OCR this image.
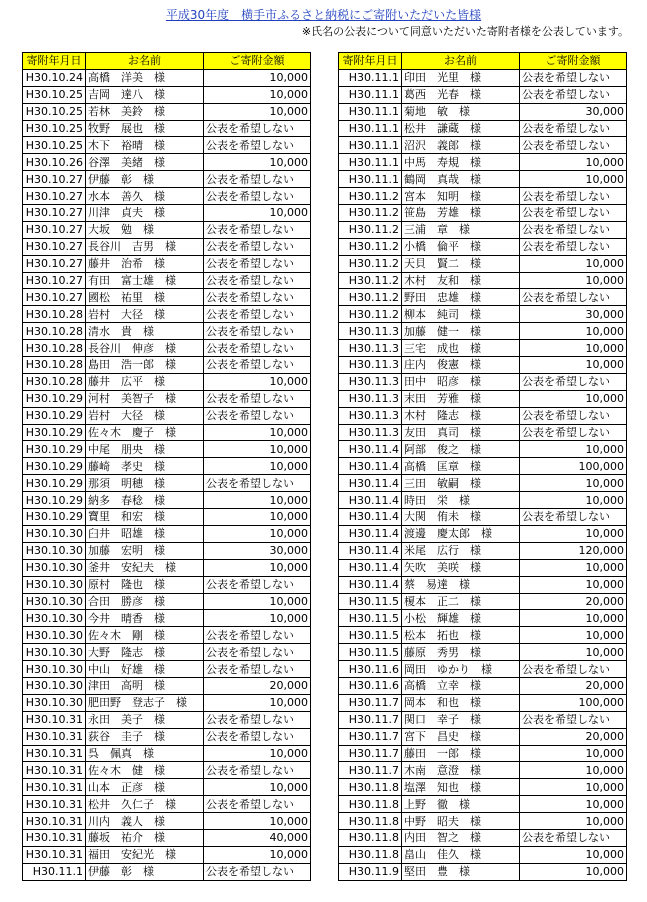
平成30年度　横手市ふるさと納税にご寄附いただいた皆様
※氏名の公表について同意いただいた寄附者様を公表しています。
寄附年月日	お名前	ご寄附金額
H30.10.24	高橋　洋美　様	10,000
H30.10.25	吉岡　達八　様	10,000
H30.10.25	若林　美鈴　様	10,000
H30.10.25	牧野　展也　様	公表を希望しない
H30.10.25	木下　裕晴　様	公表を希望しない
H30.10.26	谷澤　美緒　様	10,000
H30.10.27	伊藤　彰　様	公表を希望しない
H30.10.27	水本　善久　様	公表を希望しない
H30.10.27	川津　貞夫　様	10,000
H30.10.27	大坂　勉　様	公表を希望しない
H30.10.27	長谷川　吉男　様	公表を希望しない
H30.10.27	藤井　治希　様	公表を希望しない
H30.10.27	有田　富士雄　様	公表を希望しない
H30.10.27	國松　祐里　様	公表を希望しない
H30.10.28	岩村　大径　様	公表を希望しない
H30.10.28	清水　貴　様	公表を希望しない
H30.10.28	長谷川　伸彦　様	公表を希望しない
H30.10.28	島田　浩一郎　様	公表を希望しない
H30.10.28	藤井　広平　様	10,000
H30.10.29	河村　美智子　様	公表を希望しない
H30.10.29	岩村　大径　様	公表を希望しない
H30.10.29	佐々木　慶子　様	10,000
H30.10.29	中尾　朋央　様	10,000
H30.10.29	藤崎　孝史　様	10,000
H30.10.29	那須　明穂　様	公表を希望しない
H30.10.29	納多　春稔　様	10,000
H30.10.29	寶里　和宏　様	10,000
H30.10.30	臼井　昭雄　様	10,000
H30.10.30	加藤　宏明　様	30,000
H30.10.30	釜井　安紀夫　様	10,000
H30.10.30	原村　隆也　様	公表を希望しない
H30.10.30	合田　勝彦　様	10,000
H30.10.30	今井　晴香　様	10,000
H30.10.30	佐々木　剛　様	公表を希望しない
H30.10.30	大野　隆志　様	公表を希望しない
H30.10.30	中山　好雄　様	公表を希望しない
H30.10.30	津田　高明　様	20,000
H30.10.30	肥田野　登志子　様	10,000
H30.10.31	永田　美子　様	公表を希望しない
H30.10.31	荻谷　圭子　様	公表を希望しない
H30.10.31	呉　佩真　様	10,000
H30.10.31	佐々木　健　様	公表を希望しない
H30.10.31	山本　正彦　様	10,000
H30.10.31	松井　久仁子　様	公表を希望しない
H30.10.31	川内　義人　様	10,000
H30.10.31	藤坂　祐介　様	40,000
H30.10.31	福田　安紀光　様	10,000
H30.11.1	伊藤　彰　様	公表を希望しない
寄附年月日	お名前	ご寄附金額
H30.11.1	印田　光里　様	公表を希望しない
H30.11.1	葛西　光春　様	公表を希望しない
H30.11.1	菊地　敏　様	30,000
H30.11.1	松井　謙蔵　様	公表を希望しない
H30.11.1	沼沢　義郎　様	公表を希望しない
H30.11.1	中馬　寿規　様	10,000
H30.11.1	鶴岡　真哉　様	10,000
H30.11.2	宮本　知明　様	公表を希望しない
H30.11.2	笹島　芳雄　様	公表を希望しない
H30.11.2	三浦　章　様	公表を希望しない
H30.11.2	小橋　倫平　様	公表を希望しない
H30.11.2	天貝　賢二　様	10,000
H30.11.2	木村　友和　様	10,000
H30.11.2	野田　忠雄　様	公表を希望しない
H30.11.2	柳本　純司　様	30,000
H30.11.3	加藤　健一　様	10,000
H30.11.3	三宅　成也　様	10,000
H30.11.3	庄内　俊憲　様	10,000
H30.11.3	田中　昭彦　様	公表を希望しない
H30.11.3	末田　芳雅　様	10,000
H30.11.3	木村　隆志　様	公表を希望しない
H30.11.3	友田　真司　様	公表を希望しない
H30.11.4	阿部　俊之　様	10,000
H30.11.4	高橋　匡章　様	100,000
H30.11.4	三田　敏嗣　様	10,000
H30.11.4	時田　栄　様	10,000
H30.11.4	大関　侑未　様	公表を希望しない
H30.11.4	渡邊　慶太郎　様	10,000
H30.11.4	米尾　広行　様	120,000
H30.11.4	矢吹　美咲　様	10,000
H30.11.4	蔡　易達　様	10,000
H30.11.5	榎本　正二　様	20,000
H30.11.5	小松　輝雄　様	10,000
H30.11.5	松本　拓也　様	10,000
H30.11.5	藤原　秀男　様	10,000
H30.11.6	岡田　ゆかり　様	公表を希望しない
H30.11.6	高橋　立幸　様	20,000
H30.11.7	岡本　和也　様	100,000
H30.11.7	関口　幸子　様	公表を希望しない
H30.11.7	宮下　昌史　様	20,000
H30.11.7	藤田　一郎　様	10,000
H30.11.7	木南　意澄　様	10,000
H30.11.8	塩澤　知也　様	10,000
H30.11.8	上野　徹　様	10,000
H30.11.8	中野　昭夫　様	10,000
H30.11.8	内田　智之　様	公表を希望しない
H30.11.8	畠山　佳久　様	10,000
H30.11.9	堅田　豊　様	10,000
